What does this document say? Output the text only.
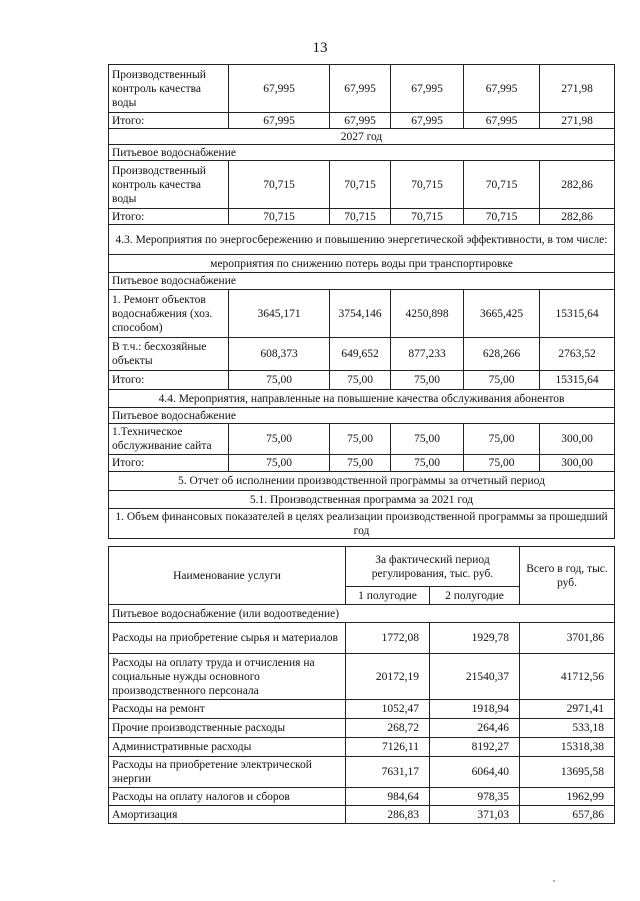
13
Производственный контроль качества воды	67,995	67,995	67,995	67,995	271,98
Итого:	67,995	67,995	67,995	67,995	271,98
2027 год					
Питьевое водоснабжение					
Производственный контроль качества воды	70,715	70,715	70,715	70,715	282,86
Итого:	70,715	70,715	70,715	70,715	282,86
4.3. Мероприятия по энергосбережению и повышению энергетической эффективности, в том числе:					
мероприятия по снижению потерь воды при транспортировке					
Питьевое водоснабжение					
1. Ремонт объектов водоснабжения (хоз. способом)	3645,171	3754,146	4250,898	3665,425	15315,64
В т.ч.: бесхозяйные объекты	608,373	649,652	877,233	628,266	2763,52
Итого:	75,00	75,00	75,00	75,00	15315,64
4.4. Мероприятия, направленные на повышение качества обслуживания абонентов					
Питьевое водоснабжение					
1.Техническое обслуживание сайта	75,00	75,00	75,00	75,00	300,00
Итого:	75,00	75,00	75,00	75,00	300,00
5. Отчет об исполнении производственной программы за отчетный период					
5.1. Производственная программа за 2021 год					
1. Объем финансовых показателей в целях реализации производственной программы за прошедший год					
Наименование услуги	За фактический период регулирования, тыс. руб.		Всего в год, тыс. руб.
	1 полугодие	2 полугодие	
Питьевое водоснабжение (или водоотведение)			
Расходы на приобретение сырья и материалов	1772,08	1929,78	3701,86
Расходы на оплату труда и отчисления на социальные нужды основного производственного персонала	20172,19	21540,37	41712,56
Расходы на ремонт	1052,47	1918,94	2971,41
Прочие производственные расходы	268,72	264,46	533,18
Административные расходы	7126,11	8192,27	15318,38
Расходы на приобретение электрической энергии	7631,17	6064,40	13695,58
Расходы на оплату налогов и сборов	984,64	978,35	1962,99
Амортизация	286,83	371,03	657,86
